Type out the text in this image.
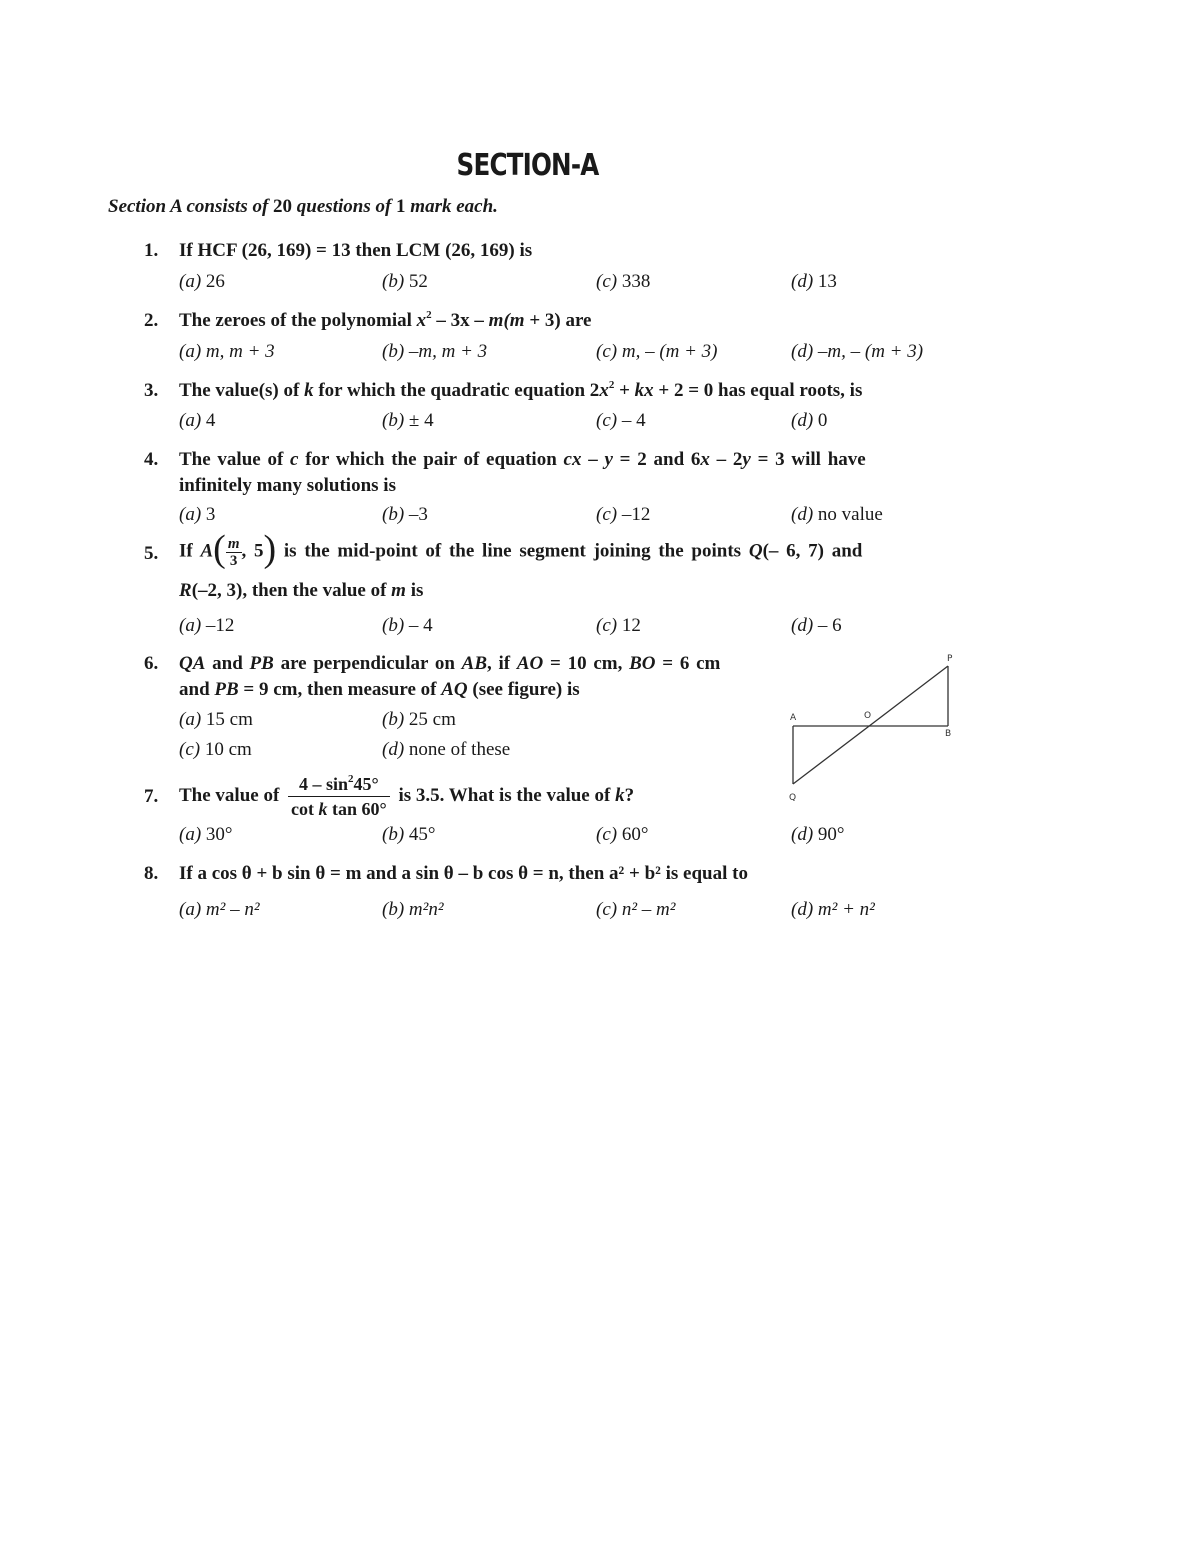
SECTION-A
Section A consists of 20 questions of 1 mark each.
1.	If HCF (26, 169) = 13 then LCM (26, 169) is
(a) 26	(b) 52	(c) 338	(d) 13
2.	The zeroes of the polynomial $x^2 - 3x - m(m + 3)$ are
(a) m, m + 3	(b) –m, m + 3	(c) m, – (m + 3)	(d) –m, – (m + 3)
3.	The value(s) of k for which the quadratic equation $2x^2$ + kx + 2 = 0 has equal roots, is
(a) 4	(b) ± 4	(c) – 4	(d) 0
4.	The value of c for which the pair of equation cx – y = 2 and 6x – 2y = 3 will have
infinitely many solutions is
(a) 3	(b) –3	(c) –12	(d) no value
5.	If $A( \frac{m}{3}$ , 5) is the mid-point of the line segment joining the points Q(– 6, 7) and
R(–2, 3), then the value of m is
(a) –12	(b) – 4	(c) 12	(d) – 6
6.	QA and PB are perpendicular on AB, if AO = 10 cm, BO = 6 cm
and PB = 9 cm, then measure of AQ (see figure) is
(a) 15 cm	(b) 25 cm
(c) 10 cm	(d) none of these
P
A	O
B
Q
7.	The value of $\frac{4 - \sin^245^\circ}{\text{cot k tan 60°}}$ is 3.5. What is the value of k?
(a) 30°	(b) 45°	(c) 60°	(d) 90°
8.	If a cos θ + b sin θ = m and a sin θ – b cos θ = n, then a² + b² is equal to
(a) m² – n²	(b) m²n²	(c) n² – m²	(d) m² + n²
